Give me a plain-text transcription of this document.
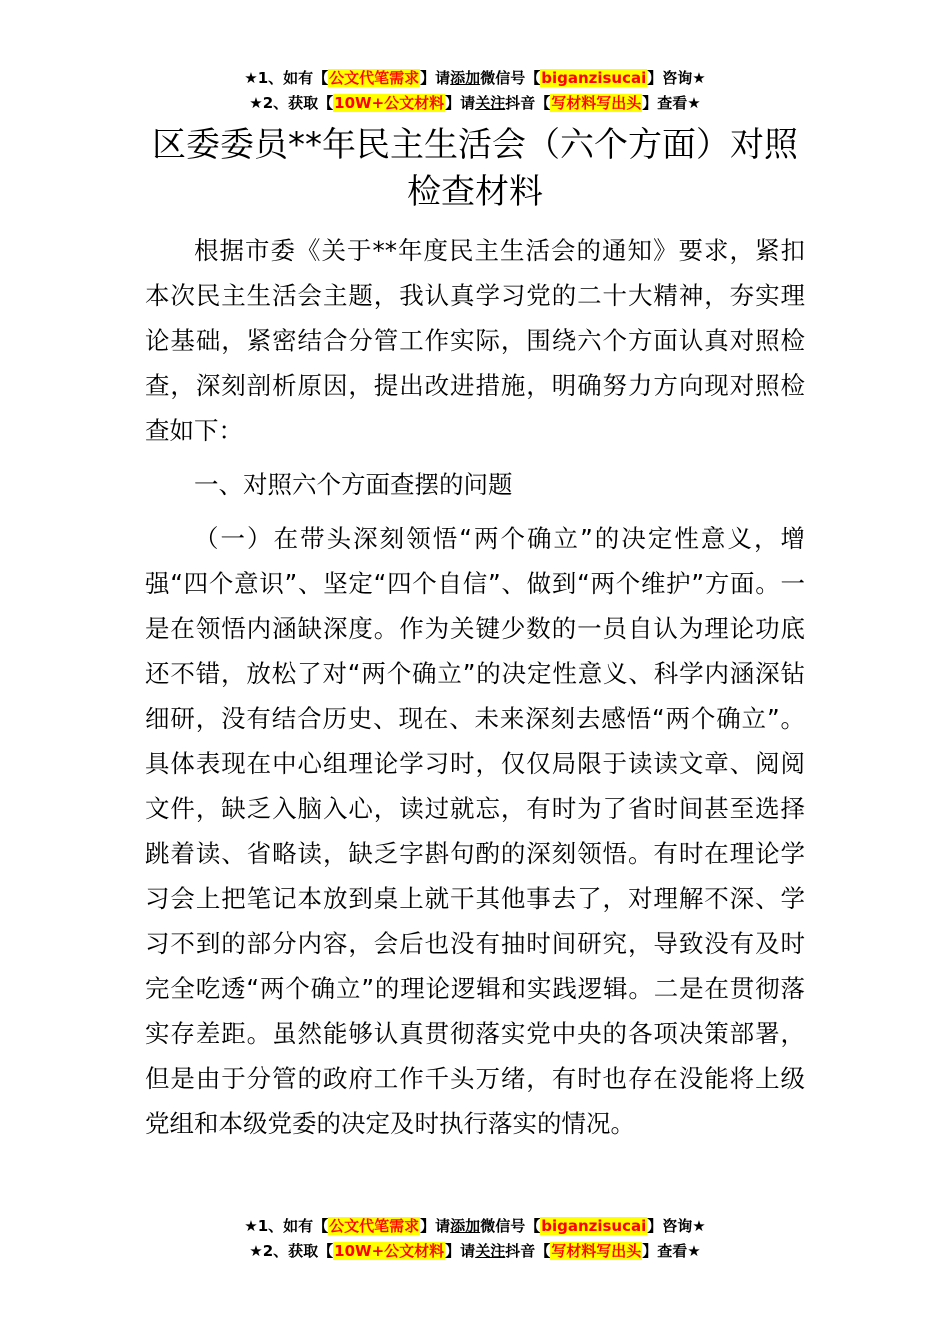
★1、如有【公文代笔需求】请添加微信号【biganzisucai】咨询★
★2、获取【10W+公文材料】请关注抖音【写材料写出头】查看★
区委委员**年民主生活会（六个方面）对照检查材料

根据市委《关于**年度民主生活会的通知》要求，紧扣本次民主生活会主题，我认真学习党的二十大精神，夯实理论基础，紧密结合分管工作实际，围绕六个方面认真对照检查，深刻剖析原因，提出改进措施，明确努力方向现对照检查如下：

一、对照六个方面查摆的问题

（一）在带头深刻领悟“两个确立”的决定性意义，增强“四个意识”、坚定“四个自信”、做到“两个维护”方面。一是在领悟内涵缺深度。作为关键少数的一员自认为理论功底还不错，放松了对“两个确立”的决定性意义、科学内涵深钻细研，没有结合历史、现在、未来深刻去感悟“两个确立”。具体表现在中心组理论学习时，仅仅局限于读读文章、阅阅文件，缺乏入脑入心，读过就忘，有时为了省时间甚至选择跳着读、省略读，缺乏字斟句酌的深刻领悟。有时在理论学习会上把笔记本放到桌上就干其他事去了，对理解不深、学习不到的部分内容，会后也没有抽时间研究，导致没有及时完全吃透“两个确立”的理论逻辑和实践逻辑。二是在贯彻落实存差距。虽然能够认真贯彻落实党中央的各项决策部署，但是由于分管的政府工作千头万绪，有时也存在没能将上级党组和本级党委的决定及时执行落实的情况。

★1、如有【公文代笔需求】请添加微信号【biganzisucai】咨询★
★2、获取【10W+公文材料】请关注抖音【写材料写出头】查看★
